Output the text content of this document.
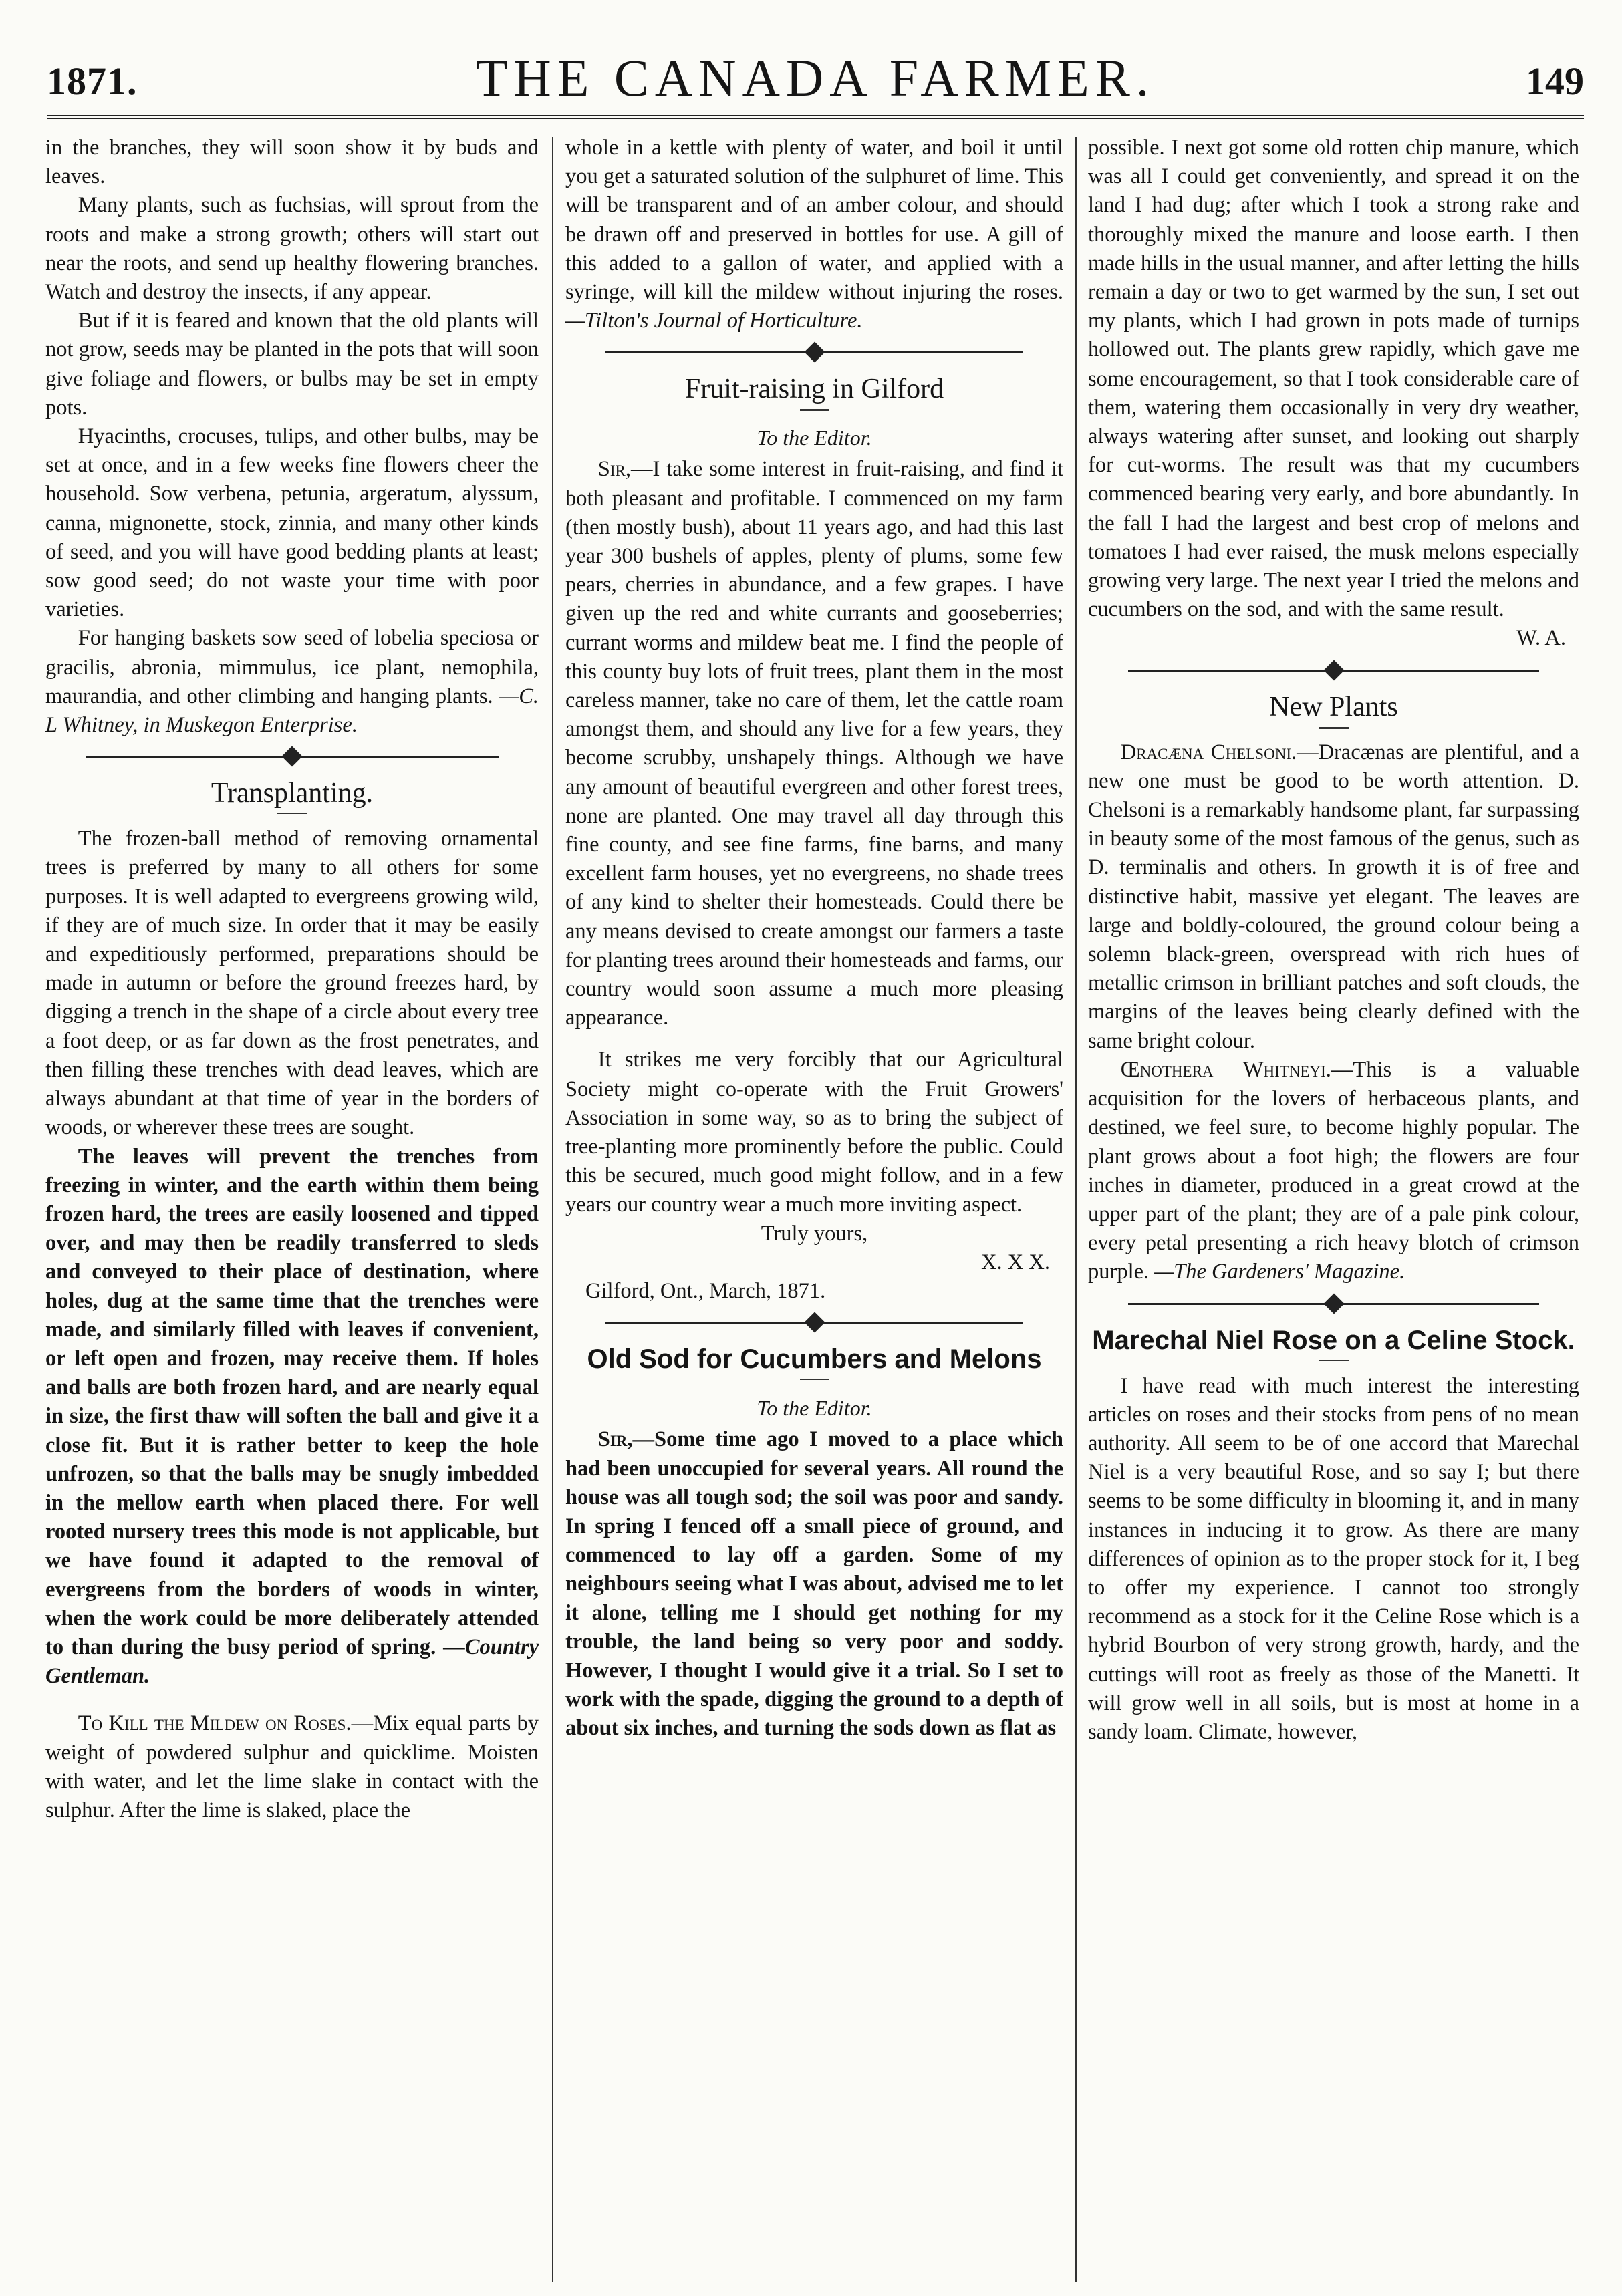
1871.	THE CANADA FARMER.	149

in the branches, they will soon show it by buds and leaves.

Many plants, such as fuchsias, will sprout from the roots and make a strong growth; others will start out near the roots, and send up healthy flowering branches. Watch and destroy the insects, if any appear.

But if it is feared and known that the old plants will not grow, seeds may be planted in the pots that will soon give foliage and flowers, or bulbs may be set in empty pots.

Hyacinths, crocuses, tulips, and other bulbs, may be set at once, and in a few weeks fine flowers cheer the household. Sow verbena, petunia, argeratum, alyssum, canna, mignonette, stock, zinnia, and many other kinds of seed, and you will have good bedding plants at least; sow good seed; do not waste your time with poor varieties.

For hanging baskets sow seed of lobelia speciosa or gracilis, abronia, mimmulus, ice plant, nemophila, maurandia, and other climbing and hanging plants. —C. L Whitney, in Muskegon Enterprise.

Transplanting.

The frozen-ball method of removing ornamental trees is preferred by many to all others for some purposes. It is well adapted to evergreens growing wild, if they are of much size. In order that it may be easily and expeditiously performed, preparations should be made in autumn or before the ground freezes hard, by digging a trench in the shape of a circle about every tree a foot deep, or as far down as the frost penetrates, and then filling these trenches with dead leaves, which are always abundant at that time of year in the borders of woods, or wherever these trees are sought.

The leaves will prevent the trenches from freezing in winter, and the earth within them being frozen hard, the trees are easily loosened and tipped over, and may then be readily transferred to sleds and conveyed to their place of destination, where holes, dug at the same time that the trenches were made, and similarly filled with leaves if convenient, or left open and frozen, may receive them. If holes and balls are both frozen hard, and are nearly equal in size, the first thaw will soften the ball and give it a close fit. But it is rather better to keep the hole unfrozen, so that the balls may be snugly imbedded in the mellow earth when placed there. For well rooted nursery trees this mode is not applicable, but we have found it adapted to the removal of evergreens from the borders of woods in winter, when the work could be more deliberately attended to than during the busy period of spring. —Country Gentleman.

To Kill the Mildew on Roses.—Mix equal parts by weight of powdered sulphur and quicklime. Moisten with water, and let the lime slake in contact with the sulphur. After the lime is slaked, place the

whole in a kettle with plenty of water, and boil it until you get a saturated solution of the sulphuret of lime. This will be transparent and of an amber colour, and should be drawn off and preserved in bottles for use. A gill of this added to a gallon of water, and applied with a syringe, will kill the mildew without injuring the roses. —Tilton's Journal of Horticulture.

Fruit-raising in Gilford
To the Editor.

Sir,—I take some interest in fruit-raising, and find it both pleasant and profitable. I commenced on my farm (then mostly bush), about 11 years ago, and had this last year 300 bushels of apples, plenty of plums, some few pears, cherries in abundance, and a few grapes. I have given up the red and white currants and gooseberries; currant worms and mildew beat me. I find the people of this county buy lots of fruit trees, plant them in the most careless manner, take no care of them, let the cattle roam amongst them, and should any live for a few years, they become scrubby, unshapely things. Although we have any amount of beautiful evergreen and other forest trees, none are planted. One may travel all day through this fine county, and see fine farms, fine barns, and many excellent farm houses, yet no evergreens, no shade trees of any kind to shelter their homesteads. Could there be any means devised to create amongst our farmers a taste for planting trees around their homesteads and farms, our country would soon assume a much more pleasing appearance.

It strikes me very forcibly that our Agricultural Society might co-operate with the Fruit Growers' Association in some way, so as to bring the subject of tree-planting more prominently before the public. Could this be secured, much good might follow, and in a few years our country wear a much more inviting aspect.

Truly yours,

X. X X.

Gilford, Ont., March, 1871.

Old Sod for Cucumbers and Melons
To the Editor.

Sir,—Some time ago I moved to a place which had been unoccupied for several years. All round the house was all tough sod; the soil was poor and sandy. In spring I fenced off a small piece of ground, and commenced to lay off a garden. Some of my neighbours seeing what I was about, advised me to let it alone, telling me I should get nothing for my trouble, the land being so very poor and soddy. However, I thought I would give it a trial. So I set to work with the spade, digging the ground to a depth of about six inches, and turning the sods down as flat as

possible. I next got some old rotten chip manure, which was all I could get conveniently, and spread it on the land I had dug; after which I took a strong rake and thoroughly mixed the manure and loose earth. I then made hills in the usual manner, and after letting the hills remain a day or two to get warmed by the sun, I set out my plants, which I had grown in pots made of turnips hollowed out. The plants grew rapidly, which gave me some encouragement, so that I took considerable care of them, watering them occasionally in very dry weather, always watering after sunset, and looking out sharply for cut-worms. The result was that my cucumbers commenced bearing very early, and bore abundantly. In the fall I had the largest and best crop of melons and tomatoes I had ever raised, the musk melons especially growing very large. The next year I tried the melons and cucumbers on the sod, and with the same result.

W. A.

New Plants

Dracæna Chelsoni.—Dracænas are plentiful, and a new one must be good to be worth attention. D. Chelsoni is a remarkably handsome plant, far surpassing in beauty some of the most famous of the genus, such as D. terminalis and others. In growth it is of free and distinctive habit, massive yet elegant. The leaves are large and boldly-coloured, the ground colour being a solemn black-green, overspread with rich hues of metallic crimson in brilliant patches and soft clouds, the margins of the leaves being clearly defined with the same bright colour.

Œnothera Whitneyi.—This is a valuable acquisition for the lovers of herbaceous plants, and destined, we feel sure, to become highly popular. The plant grows about a foot high; the flowers are four inches in diameter, produced in a great crowd at the upper part of the plant; they are of a pale pink colour, every petal presenting a rich heavy blotch of crimson purple. —The Gardeners' Magazine.

Marechal Niel Rose on a Celine Stock.

I have read with much interest the interesting articles on roses and their stocks from pens of no mean authority. All seem to be of one accord that Marechal Niel is a very beautiful Rose, and so say I; but there seems to be some difficulty in blooming it, and in many instances in inducing it to grow. As there are many differences of opinion as to the proper stock for it, I beg to offer my experience. I cannot too strongly recommend as a stock for it the Celine Rose which is a hybrid Bourbon of very strong growth, hardy, and the cuttings will root as freely as those of the Manetti. It will grow well in all soils, but is most at home in a sandy loam. Climate, however,
